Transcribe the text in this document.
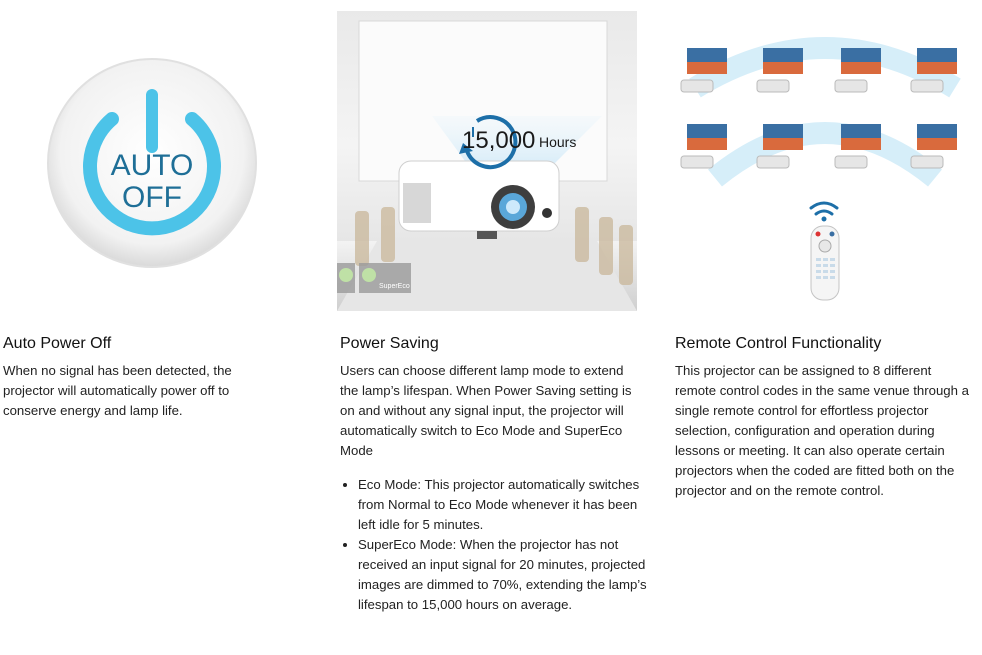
AUTO
OFF
Auto Power Off

When no signal has been detected, the projector will automatically power off to conserve energy and lamp life.

15,000 Hours
SuperEco
Power Saving

Users can choose different lamp mode to extend the lamp’s lifespan. When Power Saving setting is on and without any signal input, the projector will automatically switch to Eco Mode and SuperEco Mode

• Eco Mode: This projector automatically switches from Normal to Eco Mode whenever it has been left idle for 5 minutes.
• SuperEco Mode: When the projector has not received an input signal for 20 minutes, projected images are dimmed to 70%, extending the lamp’s lifespan to 15,000 hours on average.
Remote Control Functionality

This projector can be assigned to 8 different remote control codes in the same venue through a single remote control for effortless projector selection, configuration and operation during lessons or meeting. It can also operate certain projectors when the coded are fitted both on the projector and on the remote control.
